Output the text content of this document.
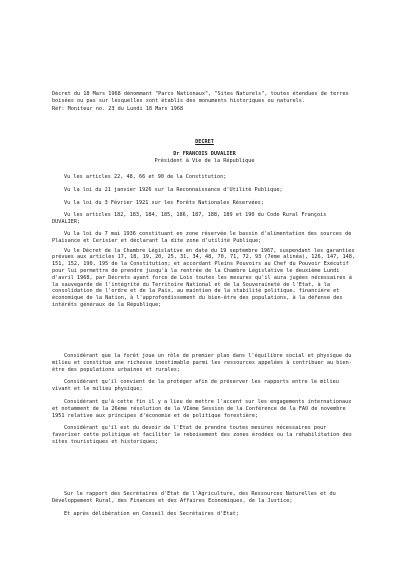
Décret du 18 Mars 1968 dénommant "Parcs Nationaux", "Sites Naturels", toutes étendues de terres boisées ou pas sur lesquelles sont établis des monuments historiques ou naturels.

Réf: Moniteur no. 23 du Lundi 18 Mars 1968

DECRET
Dr FRANCOIS DUVALIER
Président à Vie de la République

Vu les articles 22, 48, 66 et 90 de la Constitution;

Vu la loi du 21 janvier 1926 sur la Reconnaissance d'Utilité Publique;

Vu la loi du 3 Février 1921 sur les Forêts Nationales Réservées;

Vu les articles 182, 183, 184, 185, 186, 187, 188, 189 et 190 du Code Rural François DUVALIER;

Vu la loi du 7 mai 1936 constituant en zone réservée le bassin d'alimentation des sources de Plaisance et Cerisier et déclarant la dite zone d'utilité Publique;

Vu le Décret de la Chambre Législative en date du 19 septembre 1967, suspendant les garanties prévues aux articles 17, 18, 19, 20, 25, 31, 34, 48, 70, 71, 72, 93 (7ème alinéa), 126, 147, 148, 151, 152, 190, 195 de la Constitution; et accordant Pleins Pouvoirs au Chef du Pouvoir Exécutif pour lui permettre de prendre jusqu'à la rentrée de la Chambre Législative le deuxième Lundi d'avril 1968, par Décrets ayant force de Lois toutes les mesures qu'il aura jugées nécessaires à la sauvegarde de l'intégrité du Territoire National et de la Souveraineté de l'Etat, à la consolidation de l'ordre et de la Paix, au maintien de la stabilité politique, financière et économique de la Nation, à l'approfondissement du bien-être des populations, à la défense des intérêts généraux de la République;

Considérant que la forêt joue un rôle de premier plan dans l'équilibre social et physique du milieu et constitue une richesse inestimable parmi les ressources appelées à contribuer au bien-être des populations urbaines et rurales;

Considérant qu'il convient de la protéger afin de préserver les rapports entre le milieu vivant et le milieu physique;

Considérant qu'à cette fin il y a lieu de mettre l'accent sur les engagements internationaux et notamment de la 26ème résolution de la VIème Session de la Conférence de la FAO de novembre 1951 relative aux principes d'économie et de politique forestière;

Considérant qu'il est du devoir de l'Etat de prendre toutes mesures nécessaires pour favoriser cette politique et faciliter le reboisement des zones érodées ou la réhabilitation des sites touristiques et historiques;

Sur le rapport des Secrétaires d'Etat de l'Agriculture, des Ressources Naturelles et du Développement Rural, des Finances et des Affaires Economiques, de la Justice;

Et après délibération en Conseil des Secrétaires d'Etat;
